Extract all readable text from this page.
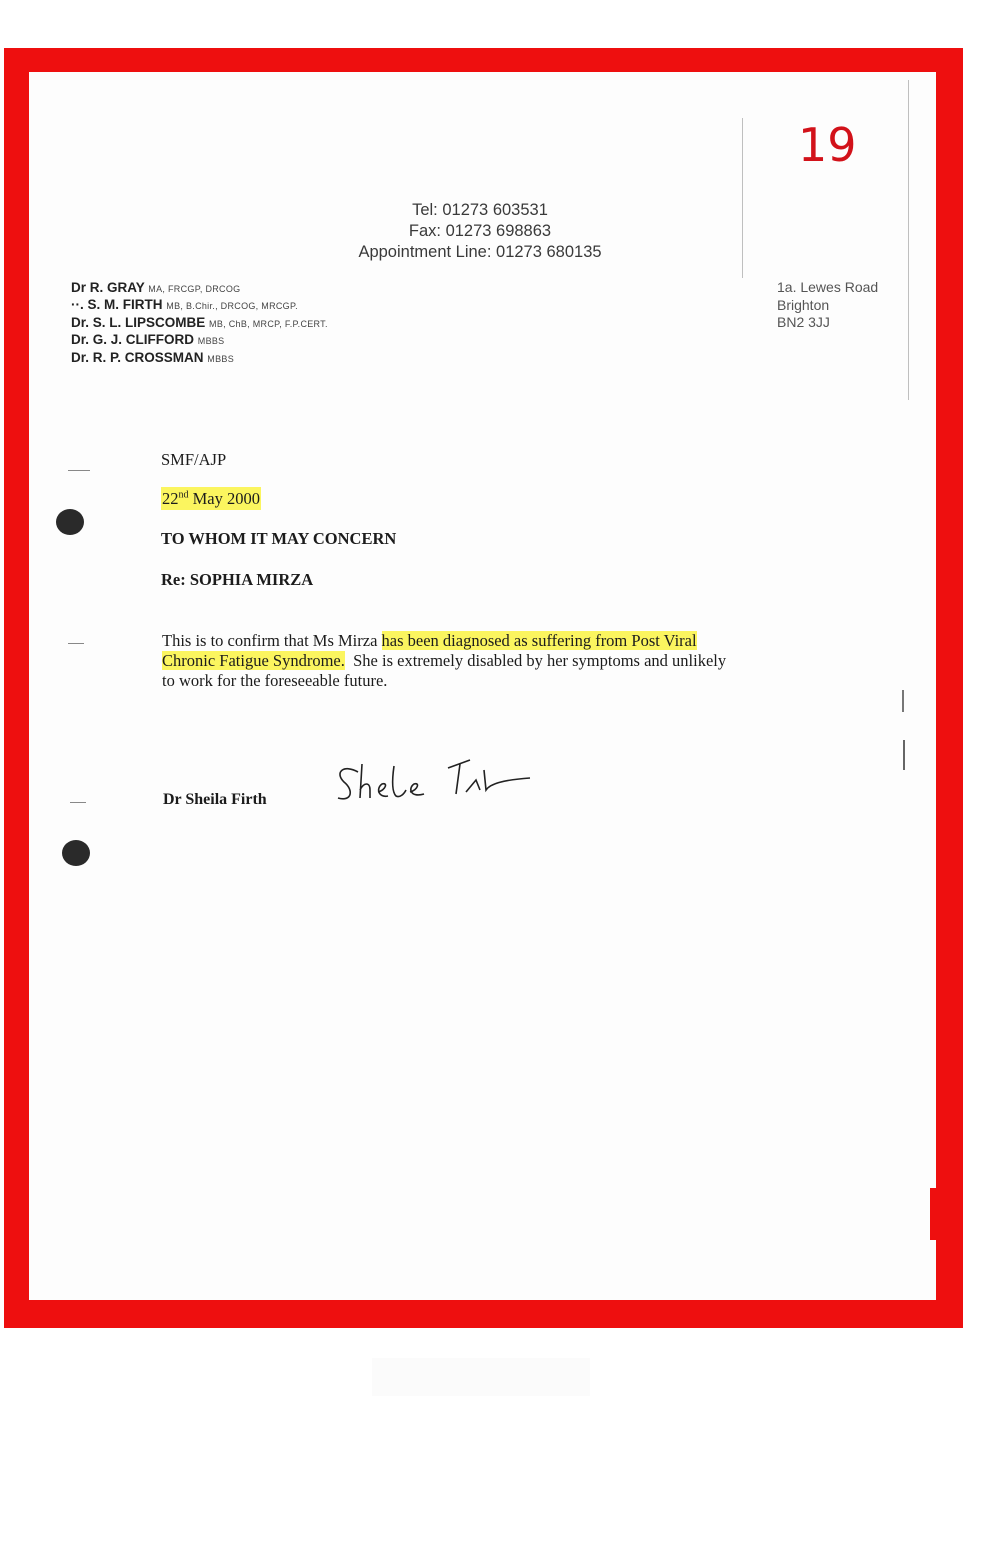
19
Tel: 01273 603531
Fax: 01273 698863
Appointment Line: 01273 680135
Dr R. GRAY MA, FRCGP, DRCOG
··. S. M. FIRTH MB, B.Chir., DRCOG, MRCGP.
Dr. S. L. LIPSCOMBE MB, ChB, MRCP, F.P.CERT.
Dr. G. J. CLIFFORD MBBS
Dr. R. P. CROSSMAN MBBS
1a. Lewes Road
Brighton
BN2 3JJ
SMF/AJP
22nd May 2000
TO WHOM IT MAY CONCERN
Re: SOPHIA MIRZA
This is to confirm that Ms Mirza has been diagnosed as suffering from Post Viral
Chronic Fatigue Syndrome.  She is extremely disabled by her symptoms and unlikely
to work for the foreseeable future.
Dr Sheila Firth
